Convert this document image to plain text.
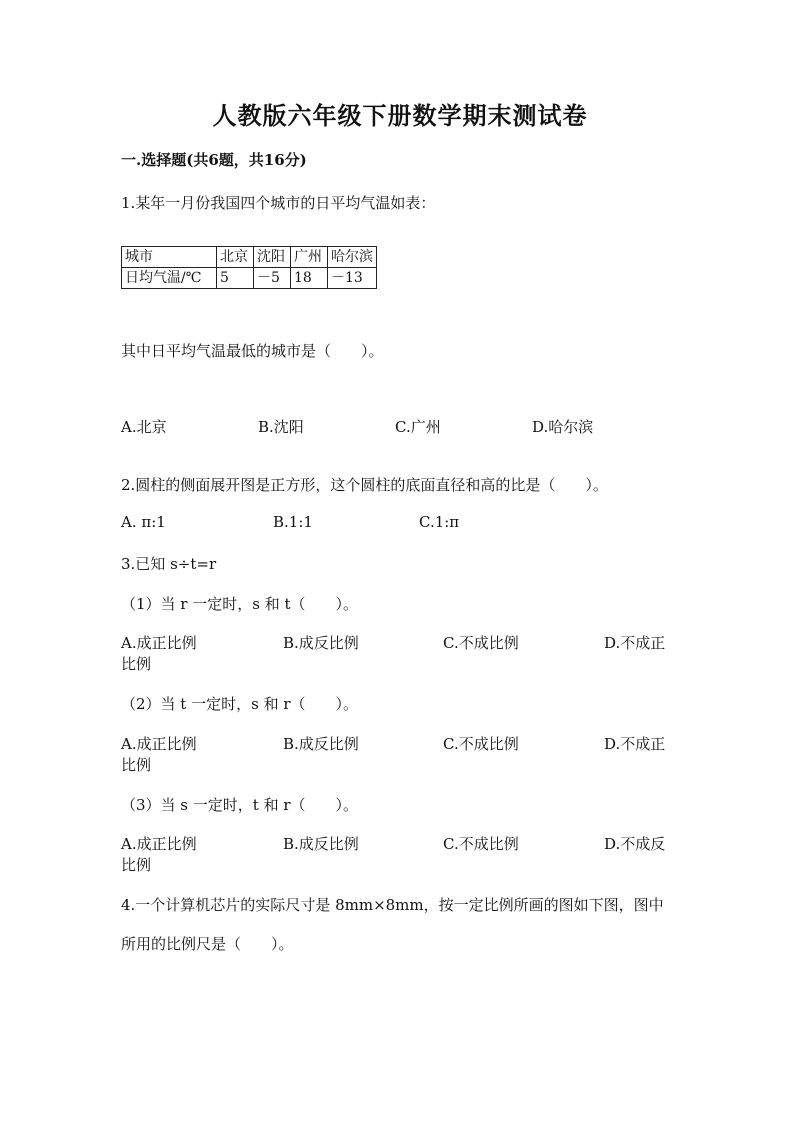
人教版六年级下册数学期末测试卷
一.选择题(共6题，共16分)
1.某年一月份我国四个城市的日平均气温如表：
城市	北京	沈阳	广州	哈尔滨
日均气温/℃	5	－5	18	－13
其中日平均气温最低的城市是（　　）。
A.北京	B.沈阳	C.广州	D.哈尔滨
2.圆柱的侧面展开图是正方形，这个圆柱的底面直径和高的比是（　　）。
A. π:1	B.1:1	C.1:π
3.已知 s÷t=r
（1）当 r 一定时，s 和 t（　　）。
A.成正比例	B.成反比例	C.不成比例	D.不成正
比例
（2）当 t 一定时，s 和 r（　　）。
A.成正比例	B.成反比例	C.不成比例	D.不成正
比例
（3）当 s 一定时，t 和 r（　　）。
A.成正比例	B.成反比例	C.不成比例	D.不成反
比例
4.一个计算机芯片的实际尺寸是 8mm×8mm，按一定比例所画的图如下图，图中
所用的比例尺是（　　）。
